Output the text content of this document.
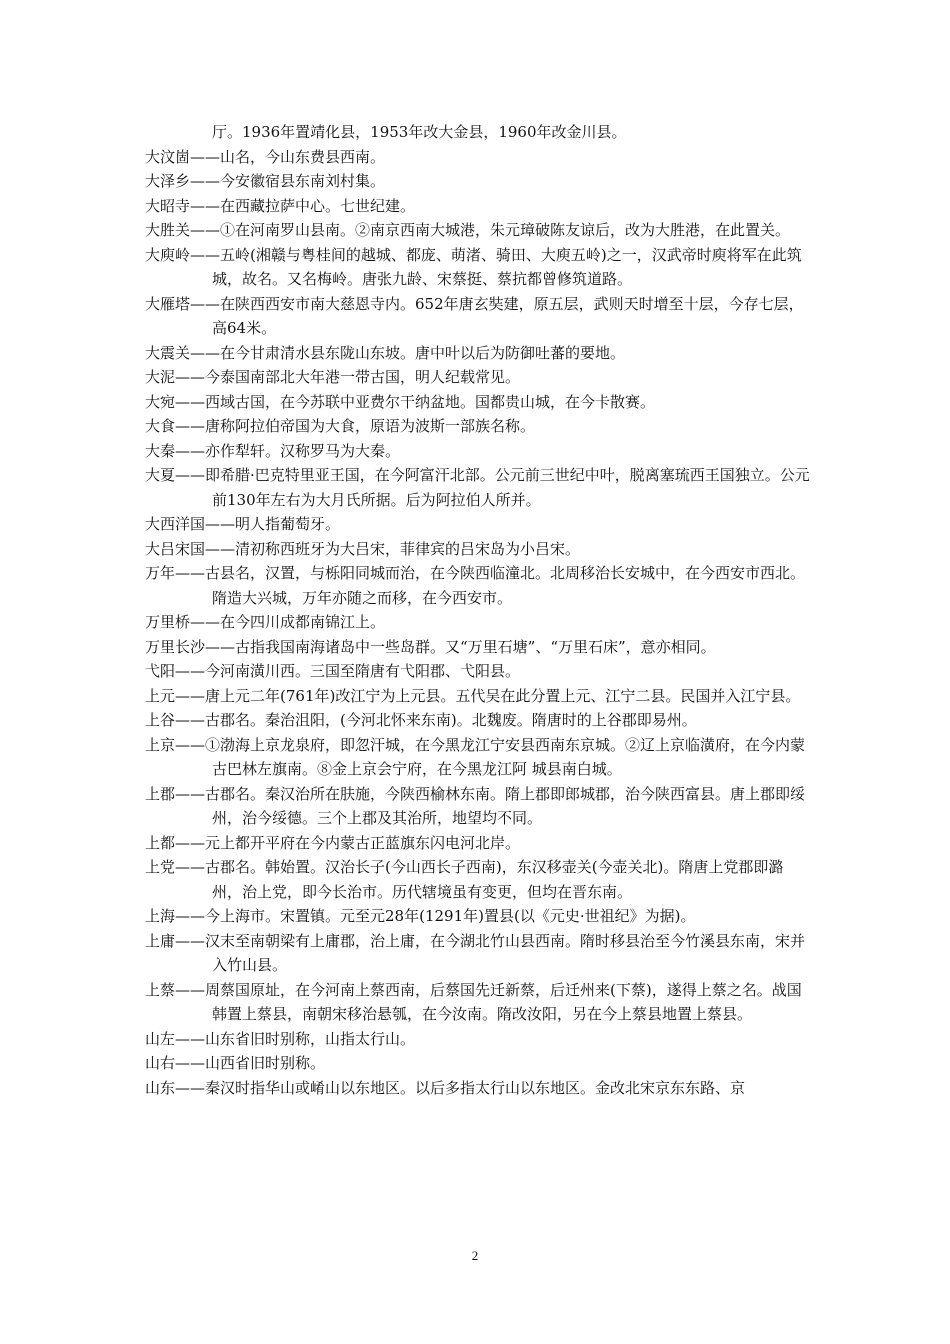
厅。1936年置靖化县，1953年改大金县，1960年改金川县。

大汶崮——山名，今山东费县西南。

大泽乡——今安徽宿县东南刘村集。

大昭寺——在西藏拉萨中心。七世纪建。

大胜关——①在河南罗山县南。②南京西南大城港，朱元璋破陈友谅后，改为大胜港，在此置关。

大庾岭——五岭(湘赣与粤桂间的越城、都庞、萌渚、骑田、大庾五岭)之一，汉武帝时庾将军在此筑城，故名。又名梅岭。唐张九龄、宋蔡挺、蔡抗都曾修筑道路。

大雁塔——在陕西西安市南大慈恩寺内。652年唐玄奘建，原五层，武则天时增至十层，今存七层，高64米。

大震关——在今甘肃清水县东陇山东坡。唐中叶以后为防御吐蕃的要地。

大泥——今泰国南部北大年港一带古国，明人纪载常见。

大宛——西域古国，在今苏联中亚费尔干纳盆地。国都贵山城，在今卡散赛。

大食——唐称阿拉伯帝国为大食，原语为波斯一部族名称。

大秦——亦作犁轩。汉称罗马为大秦。

大夏——即希腊·巴克特里亚王国，在今阿富汗北部。公元前三世纪中叶，脱离塞琉西王国独立。公元前130年左右为大月氏所据。后为阿拉伯人所并。

大西洋国——明人指葡萄牙。

大吕宋国——清初称西班牙为大吕宋，菲律宾的吕宋岛为小吕宋。

万年——古县名，汉置，与栎阳同城而治，在今陕西临潼北。北周移治长安城中，在今西安市西北。隋造大兴城，万年亦随之而移，在今西安市。

万里桥——在今四川成都南锦江上。

万里长沙——古指我国南海诸岛中一些岛群。又“万里石塘”、“万里石床”，意亦相同。

弋阳——今河南潢川西。三国至隋唐有弋阳郡、弋阳县。

上元——唐上元二年(761年)改江宁为上元县。五代吴在此分置上元、江宁二县。民国并入江宁县。

上谷——古郡名。秦治沮阳，(今河北怀来东南)。北魏废。隋唐时的上谷郡即易州。

上京——①渤海上京龙泉府，即忽汗城，在今黑龙江宁安县西南东京城。②辽上京临潢府，在今内蒙古巴林左旗南。⑧金上京会宁府，在今黑龙江阿 城县南白城。

上郡——古郡名。秦汉治所在肤施，今陕西榆林东南。隋上郡即郎城郡，治今陕西富县。唐上郡即绥州，治今绥德。三个上郡及其治所，地望均不同。

上都——元上都开平府在今内蒙古正蓝旗东闪电河北岸。

上党——古郡名。韩始置。汉治长子(今山西长子西南)，东汉移壶关(今壶关北)。隋唐上党郡即潞州，治上党，即今长治市。历代辖境虽有变更，但均在晋东南。

上海——今上海市。宋置镇。元至元28年(1291年)置县(以《元史·世祖纪》为据)。

上庸——汉末至南朝梁有上庸郡，治上庸，在今湖北竹山县西南。隋时移县治至今竹溪县东南，宋并入竹山县。

上蔡——周蔡国原址，在今河南上蔡西南，后蔡国先迁新蔡，后迁州来(下蔡)，遂得上蔡之名。战国韩置上蔡县，南朝宋移治悬瓠，在今汝南。隋改汝阳，另在今上蔡县地置上蔡县。

山左——山东省旧时别称，山指太行山。

山右——山西省旧时别称。

山东——秦汉时指华山或崤山以东地区。以后多指太行山以东地区。金改北宋京东东路、京

2
